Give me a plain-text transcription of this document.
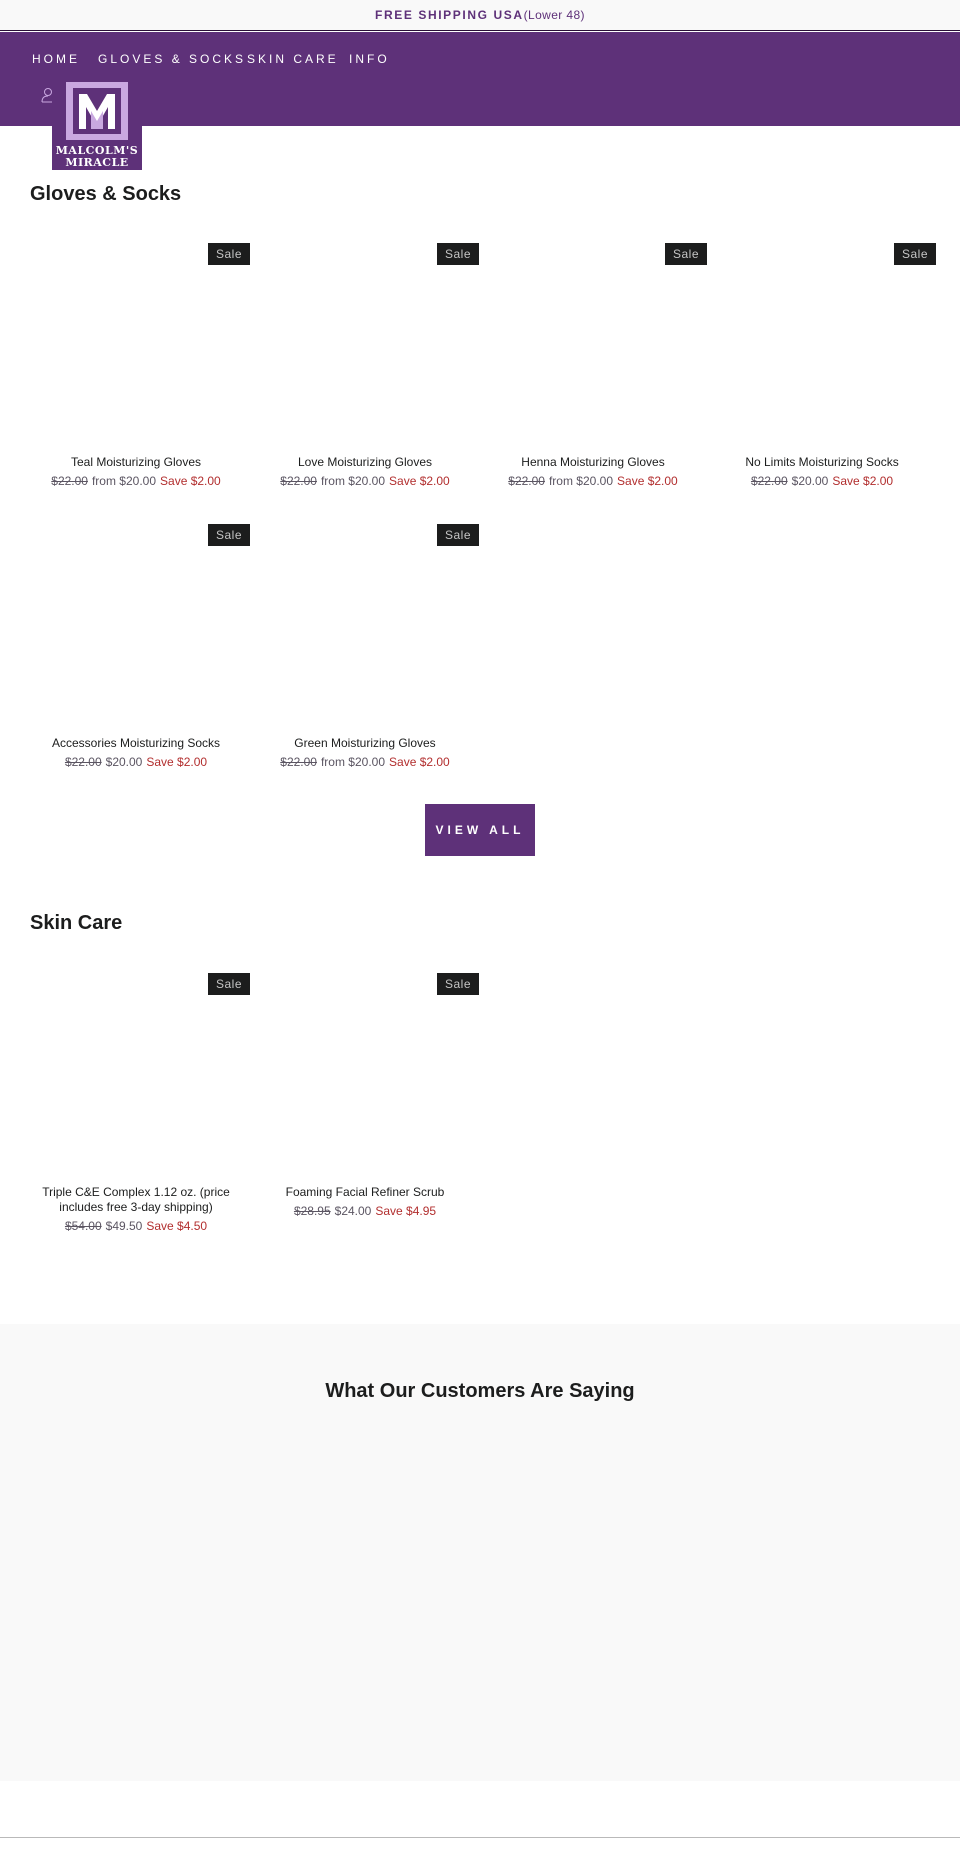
FREE SHIPPING USA(Lower 48)
HOME GLOVES & SOCKS SKIN CARE INFO
MALCOLM'S
MIRACLE
Gloves & Socks
Sale
Teal Moisturizing Gloves
$22.00 from $20.00 Save $2.00
Sale
Love Moisturizing Gloves
$22.00 from $20.00 Save $2.00
Sale
Henna Moisturizing Gloves
$22.00 from $20.00 Save $2.00
Sale
No Limits Moisturizing Socks
$22.00 $20.00 Save $2.00
Sale
Accessories Moisturizing Socks
$22.00 $20.00 Save $2.00
Sale
Green Moisturizing Gloves
$22.00 from $20.00 Save $2.00
VIEW ALL
Skin Care
Sale
Triple C&E Complex 1.12 oz. (price includes free 3-day shipping)
$54.00 $49.50 Save $4.50
Sale
Foaming Facial Refiner Scrub
$28.95 $24.00 Save $4.95
What Our Customers Are Saying
